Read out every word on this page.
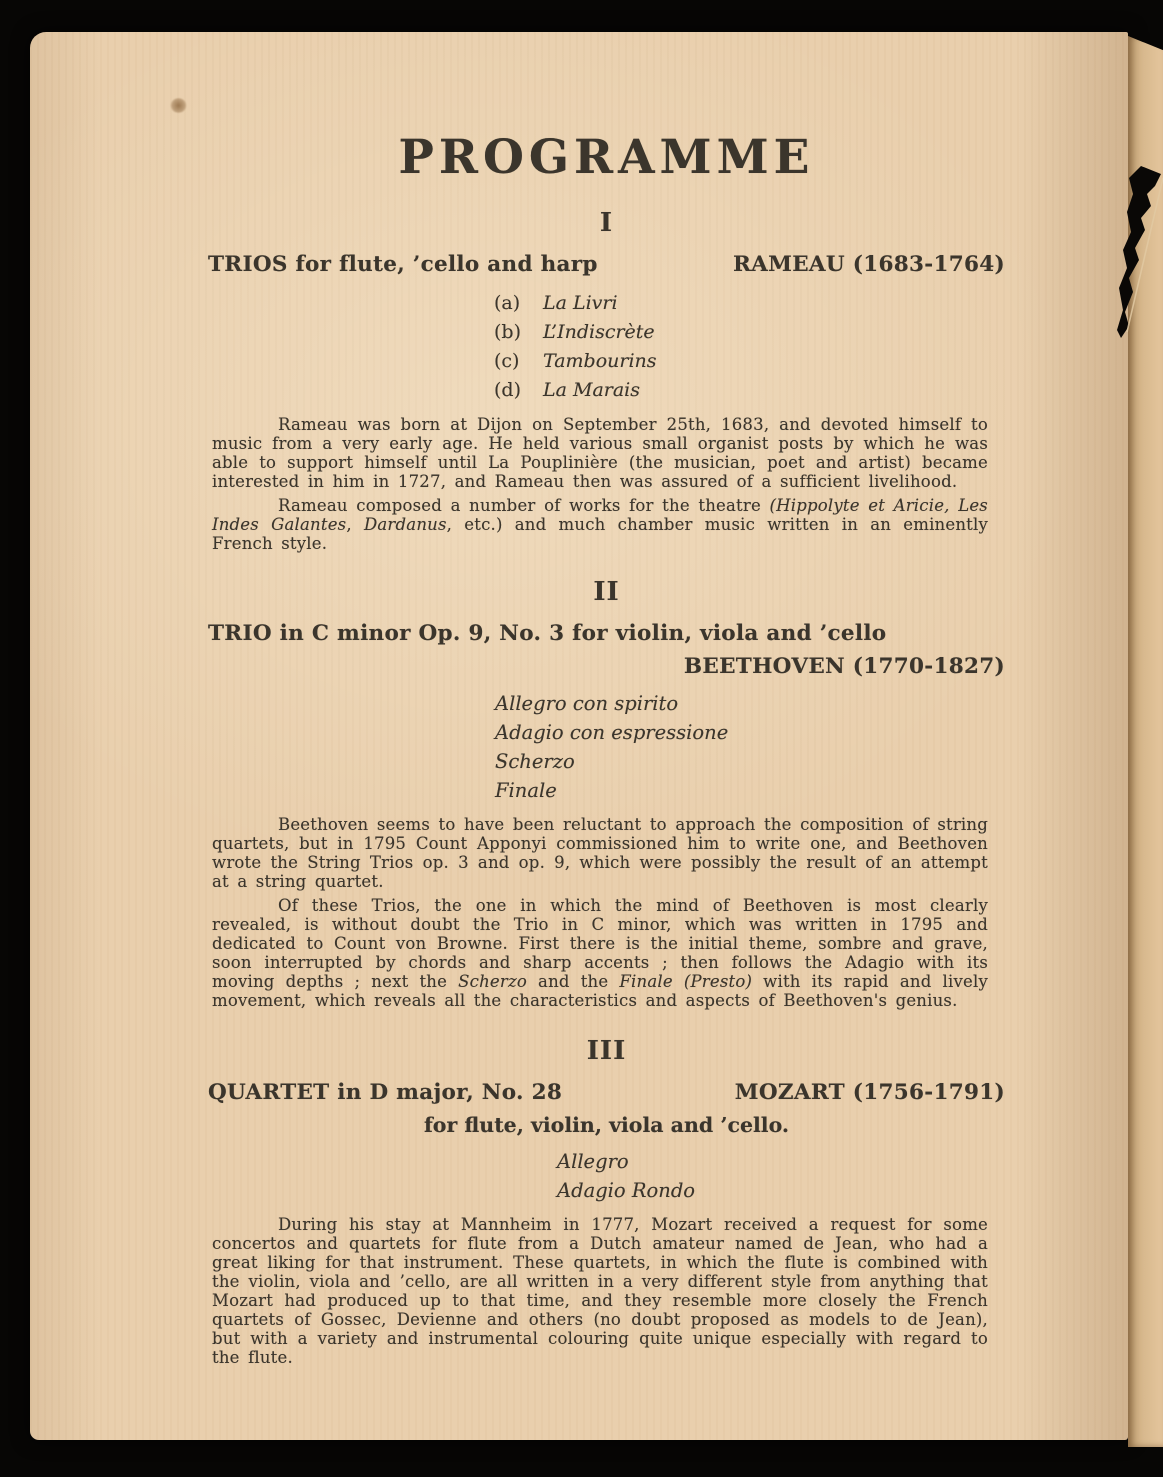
PROGRAMME
I
TRIOS for flute, ’cello and harp	RAMEAU (1683-1764)
(a)	La Livri
(b)	L’Indiscrète
(c)	Tambourins
(d)	La Marais

Rameau was born at Dijon on September 25th, 1683, and devoted himself to music from a very early age. He held various small organist posts by which he was able to support himself until La Pouplinière (the musician, poet and artist) became interested in him in 1727, and Rameau then was assured of a sufficient livelihood.

Rameau composed a number of works for the theatre (Hippolyte et Aricie, Les Indes Galantes, Dardanus, etc.) and much chamber music written in an eminently French style.

II
TRIO in C minor Op. 9, No. 3 for violin, viola and ’cello
BEETHOVEN (1770-1827)
Allegro con spirito
Adagio con espressione
Scherzo
Finale

Beethoven seems to have been reluctant to approach the composition of string quartets, but in 1795 Count Apponyi commissioned him to write one, and Beethoven wrote the String Trios op. 3 and op. 9, which were possibly the result of an attempt at a string quartet.

Of these Trios, the one in which the mind of Beethoven is most clearly revealed, is without doubt the Trio in C minor, which was written in 1795 and dedicated to Count von Browne. First there is the initial theme, sombre and grave, soon interrupted by chords and sharp accents ; then follows the Adagio with its moving depths ; next the Scherzo and the Finale (Presto) with its rapid and lively movement, which reveals all the characteristics and aspects of Beethoven's genius.

III
QUARTET in D major, No. 28	MOZART (1756-1791)
for flute, violin, viola and ’cello.
Allegro
Adagio Rondo

During his stay at Mannheim in 1777, Mozart received a request for some concertos and quartets for flute from a Dutch amateur named de Jean, who had a great liking for that instrument. These quartets, in which the flute is combined with the violin, viola and ’cello, are all written in a very different style from anything that Mozart had produced up to that time, and they resemble more closely the French quartets of Gossec, Devienne and others (no doubt proposed as models to de Jean), but with a variety and instrumental colouring quite unique especially with regard to the flute.
